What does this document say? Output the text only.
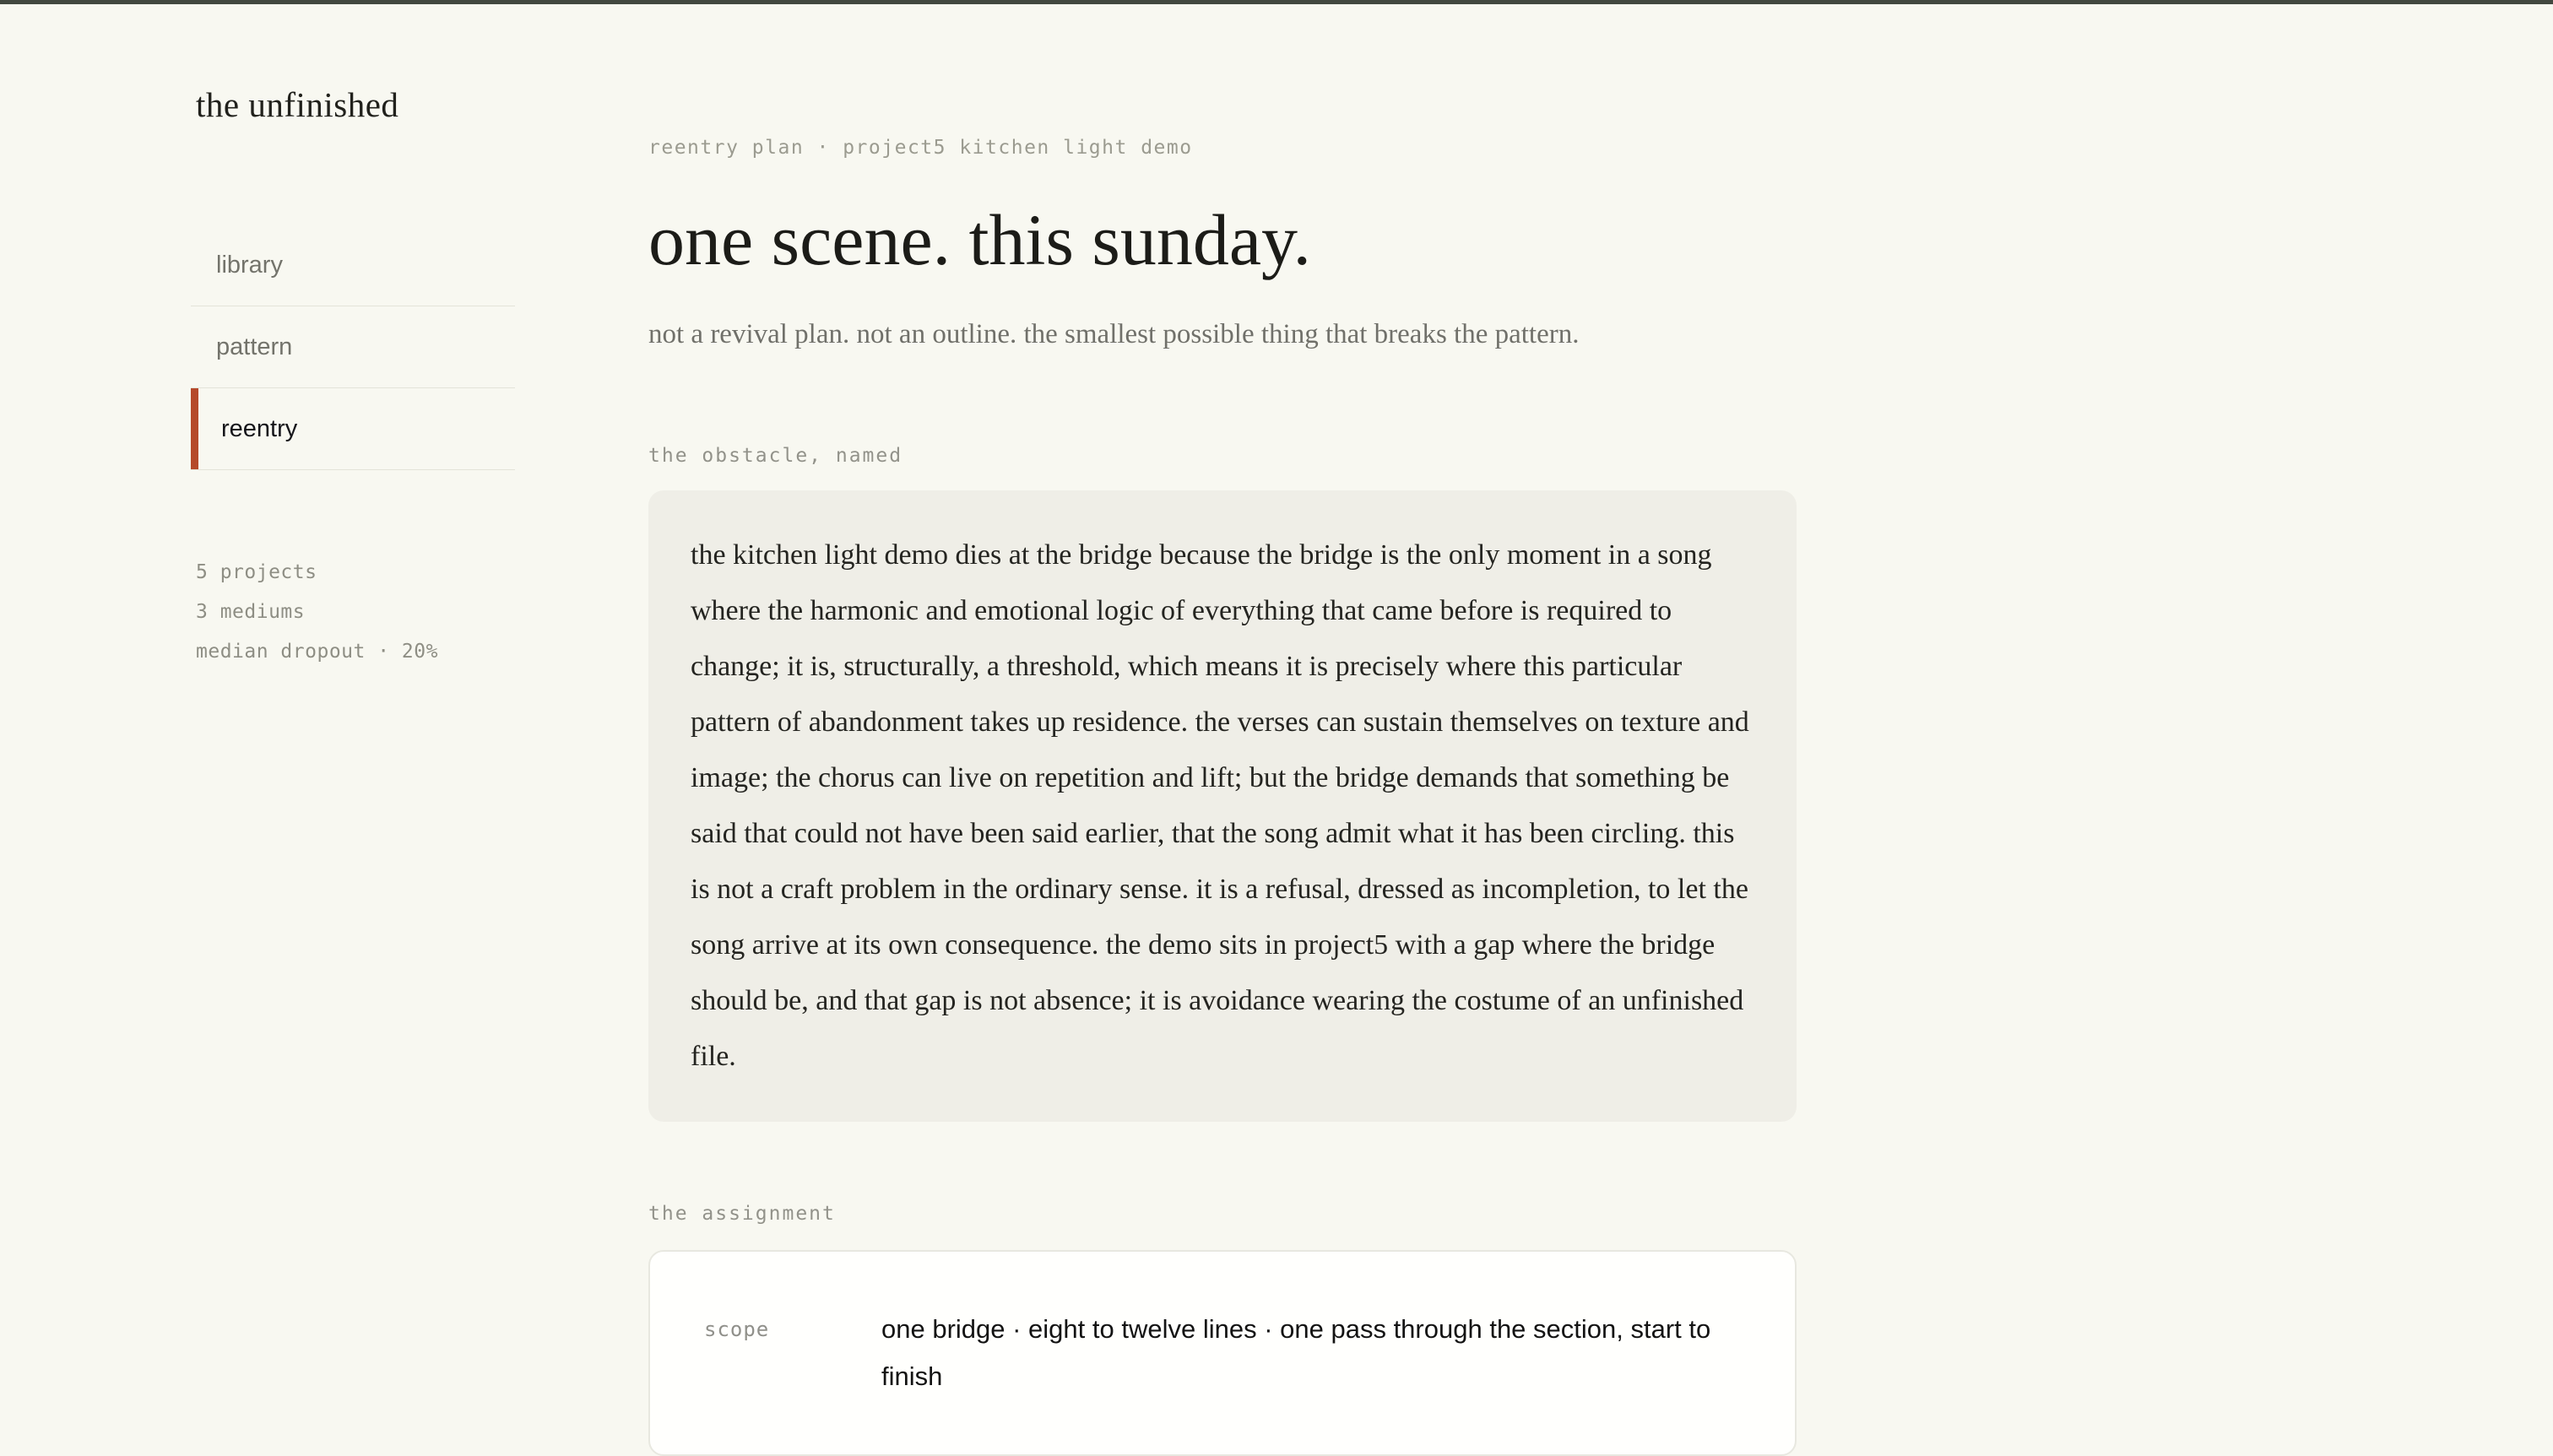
the unfinished
library
pattern
reentry
5 projects
3 mediums
median dropout · 20%
reentry plan · project5 kitchen light demo
one scene. this sunday.
not a revival plan. not an outline. the smallest possible thing that breaks the pattern.
the obstacle, named

the kitchen light demo dies at the bridge because the bridge is the only moment in a song where the harmonic and emotional logic of everything that came before is required to change; it is, structurally, a threshold, which means it is precisely where this particular pattern of abandonment takes up residence. the verses can sustain themselves on texture and image; the chorus can live on repetition and lift; but the bridge demands that something be said that could not have been said earlier, that the song admit what it has been circling. this is not a craft problem in the ordinary sense. it is a refusal, dressed as incompletion, to let the song arrive at its own consequence. the demo sits in project5 with a gap where the bridge should be, and that gap is not absence; it is avoidance wearing the costume of an unfinished file.

the assignment
scope	one bridge · eight to twelve lines · one pass through the section, start to finish
